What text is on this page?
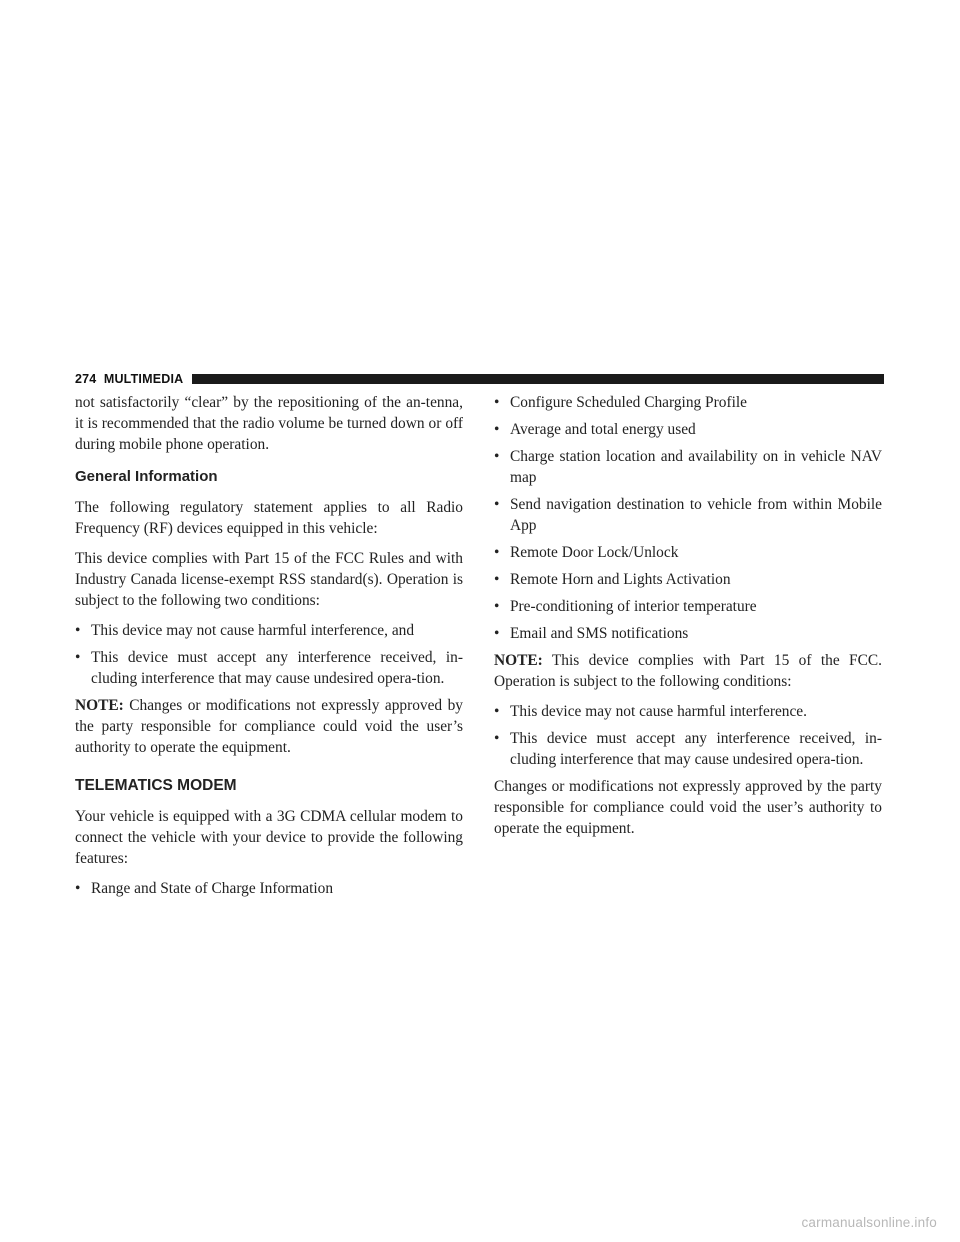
274 MULTIMEDIA

not satisfactorily “clear” by the repositioning of the an-tenna, it is recommended that the radio volume be turned down or off during mobile phone operation.

General Information

The following regulatory statement applies to all Radio Frequency (RF) devices equipped in this vehicle:

This device complies with Part 15 of the FCC Rules and with Industry Canada license-exempt RSS standard(s). Operation is subject to the following two conditions:

• This device may not cause harmful interference, and
• This device must accept any interference received, in-cluding interference that may cause undesired opera-tion.

NOTE: Changes or modifications not expressly approved by the party responsible for compliance could void the user’s authority to operate the equipment.

TELEMATICS MODEM

Your vehicle is equipped with a 3G CDMA cellular modem to connect the vehicle with your device to provide the following features:

• Range and State of Charge Information
• Configure Scheduled Charging Profile
• Average and total energy used
• Charge station location and availability on in vehicle NAV map
• Send navigation destination to vehicle from within Mobile App
• Remote Door Lock/Unlock
• Remote Horn and Lights Activation
• Pre-conditioning of interior temperature
• Email and SMS notifications

NOTE: This device complies with Part 15 of the FCC. Operation is subject to the following conditions:

• This device may not cause harmful interference.
• This device must accept any interference received, in-cluding interference that may cause undesired opera-tion.

Changes or modifications not expressly approved by the party responsible for compliance could void the user’s authority to operate the equipment.

carmanualsonline.info
